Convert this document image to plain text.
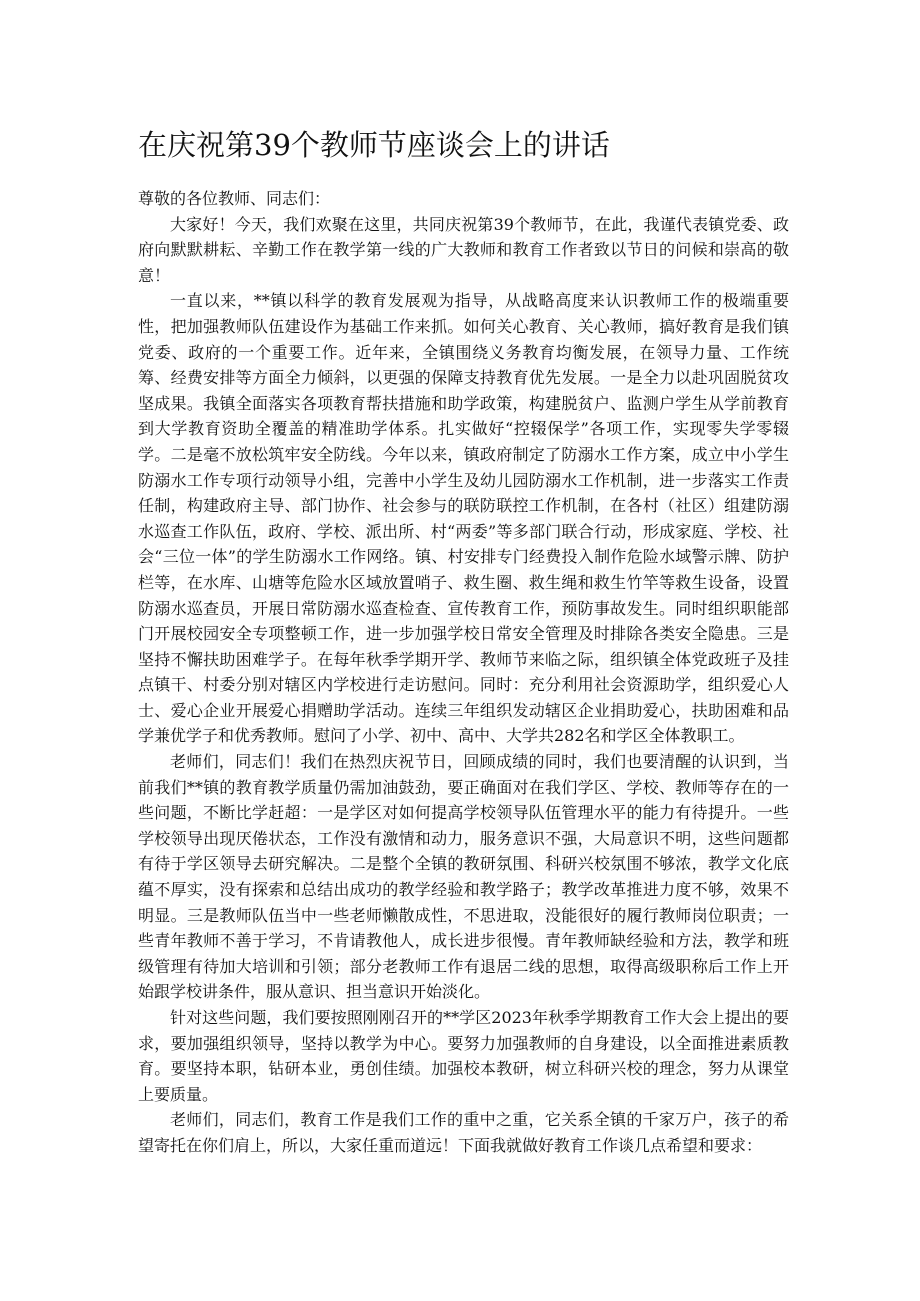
在庆祝第39个教师节座谈会上的讲话

尊敬的各位教师、同志们：

大家好！今天，我们欢聚在这里，共同庆祝第39个教师节，在此，我谨代表镇党委、政府向默默耕耘、辛勤工作在教学第一线的广大教师和教育工作者致以节日的问候和崇高的敬意！

一直以来，**镇以科学的教育发展观为指导，从战略高度来认识教师工作的极端重要性，把加强教师队伍建设作为基础工作来抓。如何关心教育、关心教师，搞好教育是我们镇党委、政府的一个重要工作。近年来，全镇围绕义务教育均衡发展，在领导力量、工作统筹、经费安排等方面全力倾斜，以更强的保障支持教育优先发展。一是全力以赴巩固脱贫攻坚成果。我镇全面落实各项教育帮扶措施和助学政策，构建脱贫户、监测户学生从学前教育到大学教育资助全覆盖的精准助学体系。扎实做好“控辍保学”各项工作，实现零失学零辍学。二是毫不放松筑牢安全防线。今年以来，镇政府制定了防溺水工作方案，成立中小学生防溺水工作专项行动领导小组，完善中小学生及幼儿园防溺水工作机制，进一步落实工作责任制，构建政府主导、部门协作、社会参与的联防联控工作机制，在各村（社区）组建防溺水巡查工作队伍，政府、学校、派出所、村“两委”等多部门联合行动，形成家庭、学校、社会“三位一体”的学生防溺水工作网络。镇、村安排专门经费投入制作危险水域警示牌、防护栏等，在水库、山塘等危险水区域放置哨子、救生圈、救生绳和救生竹竿等救生设备，设置防溺水巡查员，开展日常防溺水巡查检查、宣传教育工作，预防事故发生。同时组织职能部门开展校园安全专项整顿工作，进一步加强学校日常安全管理及时排除各类安全隐患。三是坚持不懈扶助困难学子。在每年秋季学期开学、教师节来临之际，组织镇全体党政班子及挂点镇干、村委分别对辖区内学校进行走访慰问。同时：充分利用社会资源助学，组织爱心人士、爱心企业开展爱心捐赠助学活动。连续三年组织发动辖区企业捐助爱心，扶助困难和品学兼优学子和优秀教师。慰问了小学、初中、高中、大学共282名和学区全体教职工。

老师们，同志们！我们在热烈庆祝节日，回顾成绩的同时，我们也要清醒的认识到，当前我们**镇的教育教学质量仍需加油鼓劲，要正确面对在我们学区、学校、教师等存在的一些问题，不断比学赶超：一是学区对如何提高学校领导队伍管理水平的能力有待提升。一些学校领导出现厌倦状态，工作没有激情和动力，服务意识不强，大局意识不明，这些问题都有待于学区领导去研究解决。二是整个全镇的教研氛围、科研兴校氛围不够浓，教学文化底蕴不厚实，没有探索和总结出成功的教学经验和教学路子；教学改革推进力度不够，效果不明显。三是教师队伍当中一些老师懒散成性，不思进取，没能很好的履行教师岗位职责；一些青年教师不善于学习，不肯请教他人，成长进步很慢。青年教师缺经验和方法，教学和班级管理有待加大培训和引领；部分老教师工作有退居二线的思想，取得高级职称后工作上开始跟学校讲条件，服从意识、担当意识开始淡化。

针对这些问题，我们要按照刚刚召开的**学区2023年秋季学期教育工作大会上提出的要求，要加强组织领导，坚持以教学为中心。要努力加强教师的自身建设，以全面推进素质教育。要坚持本职，钻研本业，勇创佳绩。加强校本教研，树立科研兴校的理念，努力从课堂上要质量。

老师们，同志们，教育工作是我们工作的重中之重，它关系全镇的千家万户，孩子的希望寄托在你们肩上，所以，大家任重而道远！下面我就做好教育工作谈几点希望和要求：
